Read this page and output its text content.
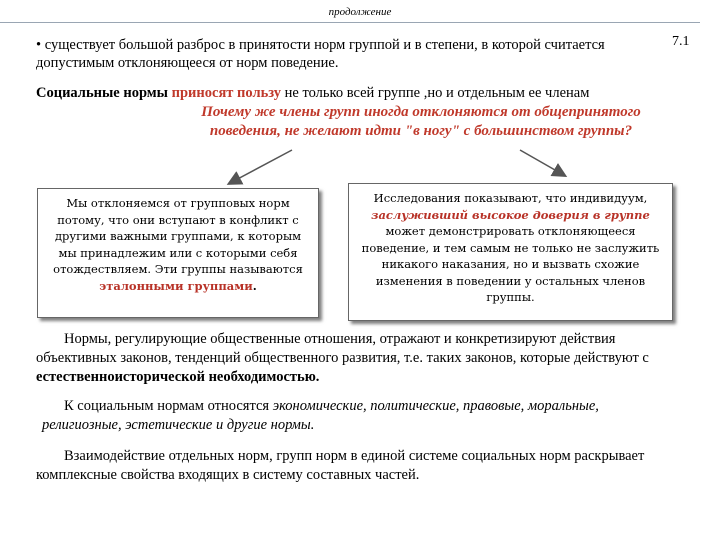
продолжение
• существует большой разброс в принятости норм группой и в степени, в которой считается допустимым отклоняющееся от норм поведение.
7.1
Социальные нормы приносят пользу не только всей группе ,но и отдельным ее членам
Почему же члены групп иногда отклоняются от общепринятого поведения, не желают идти "в ногу" с большинством группы?
Мы отклоняемся от групповых норм потому, что они вступают в конфликт с другими важными группами, к которым мы принадлежим или с которыми себя отождествляем. Эти группы называются эталонными группами.
Исследования показывают, что индивидуум, заслуживший высокое доверия в группе может демонстрировать отклоняющееся поведение, и тем самым не только не заслужить никакого наказания, но и вызвать схожие изменения в поведении у остальных членов группы.
Нормы, регулирующие общественные отношения, отражают и конкретизируют действия объективных законов, тенденций общественного развития, т.е. таких законов, которые действуют с естественноисторической необходимостью.
К социальным нормам относятся экономические, политические, правовые, моральные, религиозные, эстетические и другие нормы.
Взаимодействие отдельных норм, групп норм в единой системе социальных норм раскрывает комплексные свойства входящих в систему составных частей.
